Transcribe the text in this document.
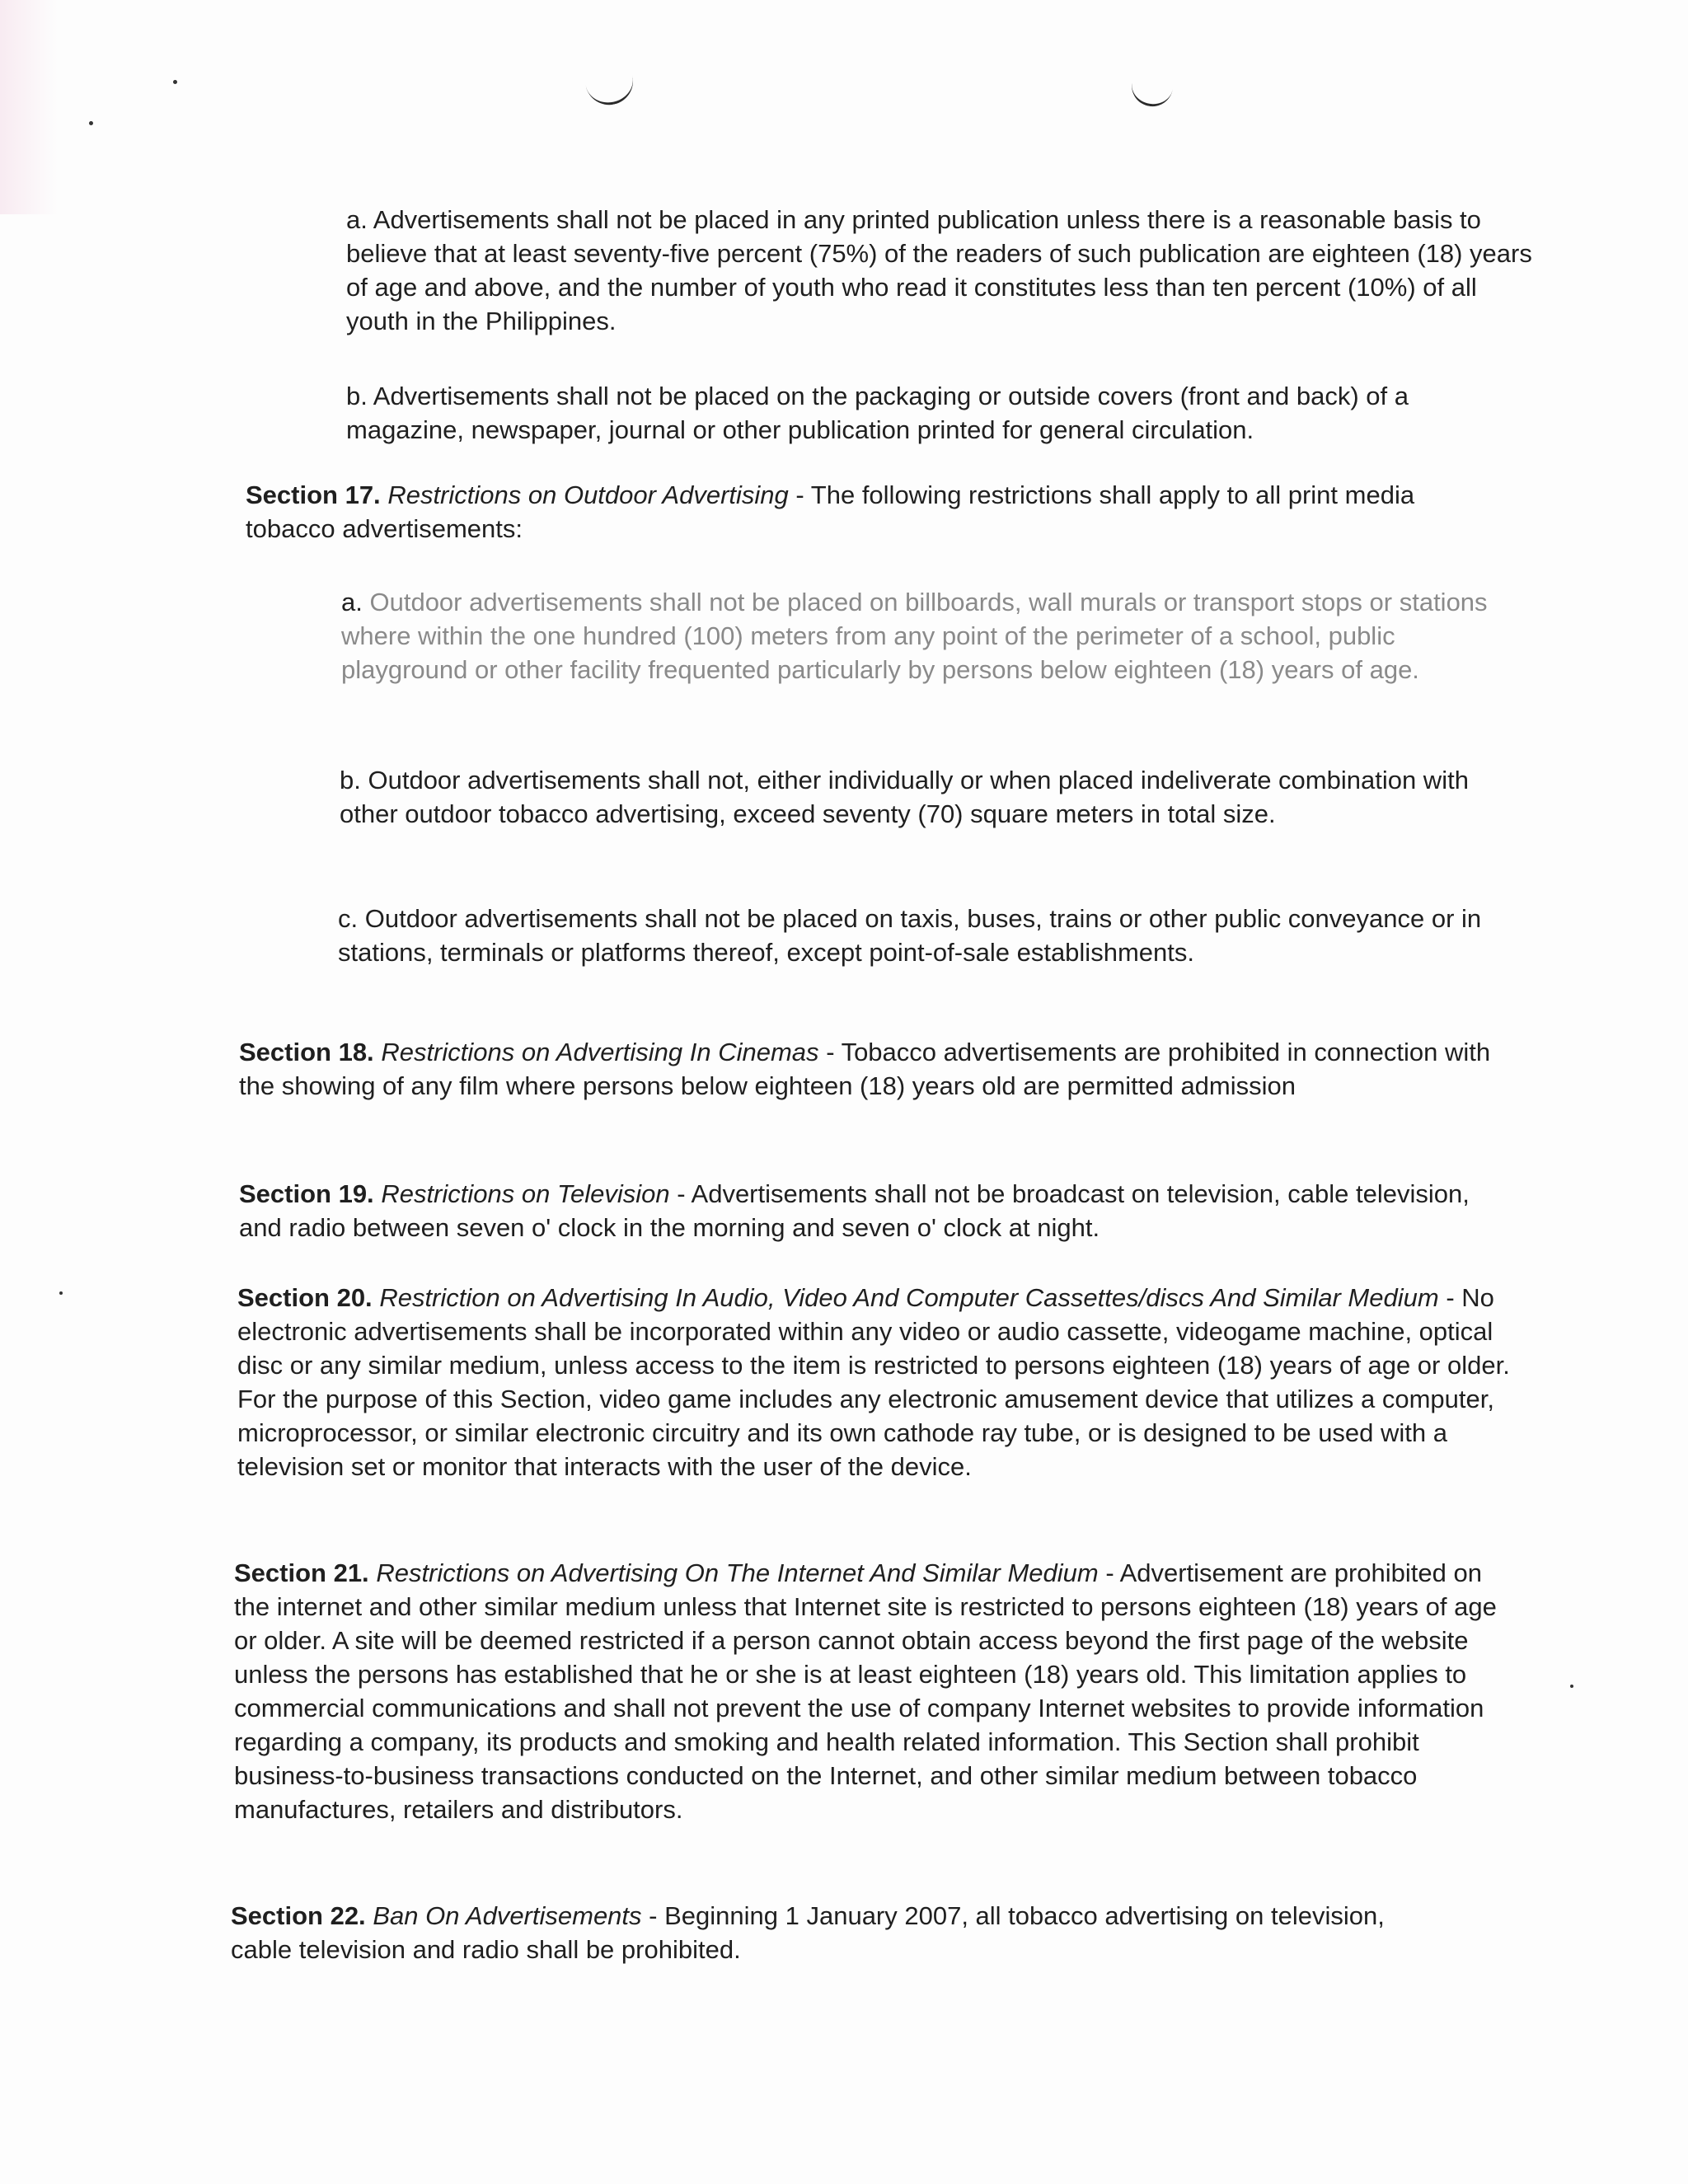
a. Advertisements shall not be placed in any printed publication unless there is a reasonable basis to believe that at least seventy-five percent (75%) of the readers of such publication are eighteen (18) years of age and above, and the number of youth who read it constitutes less than ten percent (10%) of all youth in the Philippines.

b. Advertisements shall not be placed on the packaging or outside covers (front and back) of a magazine, newspaper, journal or other publication printed for general circulation.

Section 17. Restrictions on Outdoor Advertising - The following restrictions shall apply to all print media tobacco advertisements:

a. Outdoor advertisements shall not be placed on billboards, wall murals or transport stops or stations where within the one hundred (100) meters from any point of the perimeter of a school, public playground or other facility frequented particularly by persons below eighteen (18) years of age.

b. Outdoor advertisements shall not, either individually or when placed indeliverate combination with other outdoor tobacco advertising, exceed seventy (70) square meters in total size.

c. Outdoor advertisements shall not be placed on taxis, buses, trains or other public conveyance or in stations, terminals or platforms thereof, except point-of-sale establishments.

Section 18. Restrictions on Advertising In Cinemas - Tobacco advertisements are prohibited in connection with the showing of any film where persons below eighteen (18) years old are permitted admission

Section 19. Restrictions on Television - Advertisements shall not be broadcast on television, cable television, and radio between seven o' clock in the morning and seven o' clock at night.

Section 20. Restriction on Advertising In Audio, Video And Computer Cassettes/discs And Similar Medium - No electronic advertisements shall be incorporated within any video or audio cassette, videogame machine, optical disc or any similar medium, unless access to the item is restricted to persons eighteen (18) years of age or older. For the purpose of this Section, video game includes any electronic amusement device that utilizes a computer, microprocessor, or similar electronic circuitry and its own cathode ray tube, or is designed to be used with a television set or monitor that interacts with the user of the device.

Section 21. Restrictions on Advertising On The Internet And Similar Medium - Advertisement are prohibited on the internet and other similar medium unless that Internet site is restricted to persons eighteen (18) years of age or older. A site will be deemed restricted if a person cannot obtain access beyond the first page of the website unless the persons has established that he or she is at least eighteen (18) years old. This limitation applies to commercial communications and shall not prevent the use of company Internet websites to provide information regarding a company, its products and smoking and health related information. This Section shall prohibit business-to-business transactions conducted on the Internet, and other similar medium between tobacco manufactures, retailers and distributors.

Section 22. Ban On Advertisements - Beginning 1 January 2007, all tobacco advertising on television, cable television and radio shall be prohibited.
